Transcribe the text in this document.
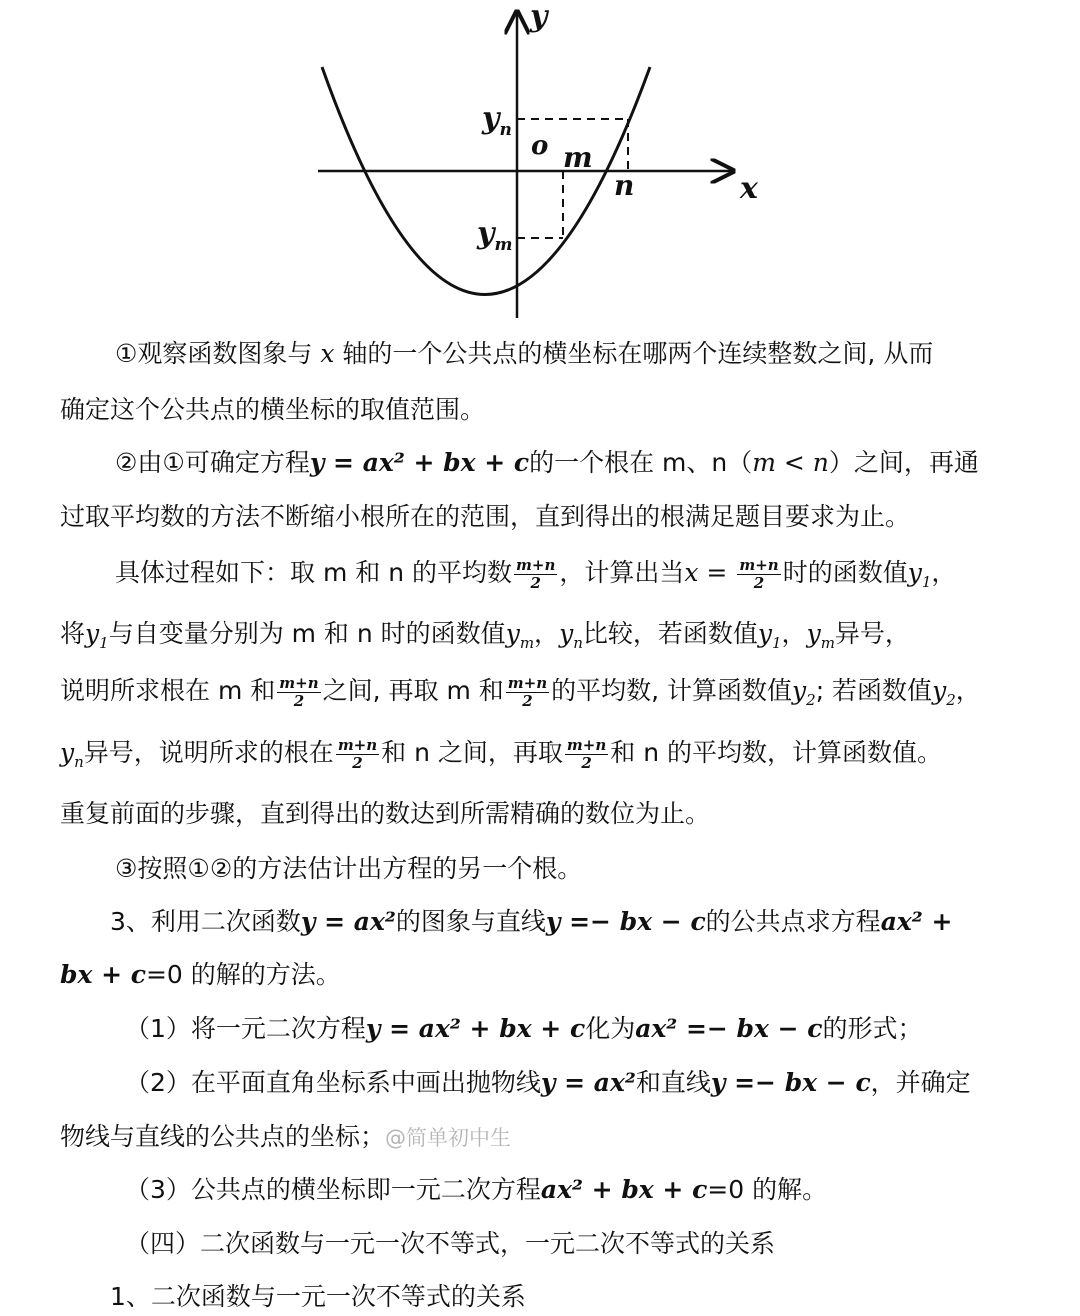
y
x
o m
n
$y_n$
$y_m$
①观察函数图象与 x 轴的一个公共点的横坐标在哪两个连续整数之间, 从而
确定这个公共点的横坐标的取值范围。
②由①可确定方程y = ax² + bx + c的一个根在 m、n（m < n）之间，再通
过取平均数的方法不断缩小根所在的范围，直到得出的根满足题目要求为止。
具体过程如下：取 m 和 n 的平均数 $\frac{m+n}{2}$ ，计算出当$x = \frac{m+n}{2}$ 时的函数值$y_1$，
将$y_1$与自变量分别为 m 和 n 时的函数值$y_m$，$y_n$比较，若函数值$y_1$，$y_m$异号，
说明所求根在 m 和 $\frac{m+n}{2}$ 之间, 再取 m 和 $\frac{m+n}{2}$ 的平均数, 计算函数值$y_2$; 若函数值$y_2$，
$y_n$异号，说明所求的根在 $\frac{m+n}{2}$ 和 n 之间，再取 $\frac{m+n}{2}$ 和 n 的平均数，计算函数值。
重复前面的步骤，直到得出的数达到所需精确的数位为止。
③按照①②的方法估计出方程的另一个根。
3、利用二次函数y = ax²的图象与直线y =− bx − c的公共点求方程ax² +
bx + c=0 的解的方法。
（1）将一元二次方程y = ax² + bx + c化为ax² =− bx − c的形式；
（2）在平面直角坐标系中画出抛物线y = ax²和直线y =− bx − c，并确定
物线与直线的公共点的坐标；@简单初中生
（3）公共点的横坐标即一元二次方程ax² + bx + c=0 的解。
（四）二次函数与一元一次不等式，一元二次不等式的关系
1、二次函数与一元一次不等式的关系
